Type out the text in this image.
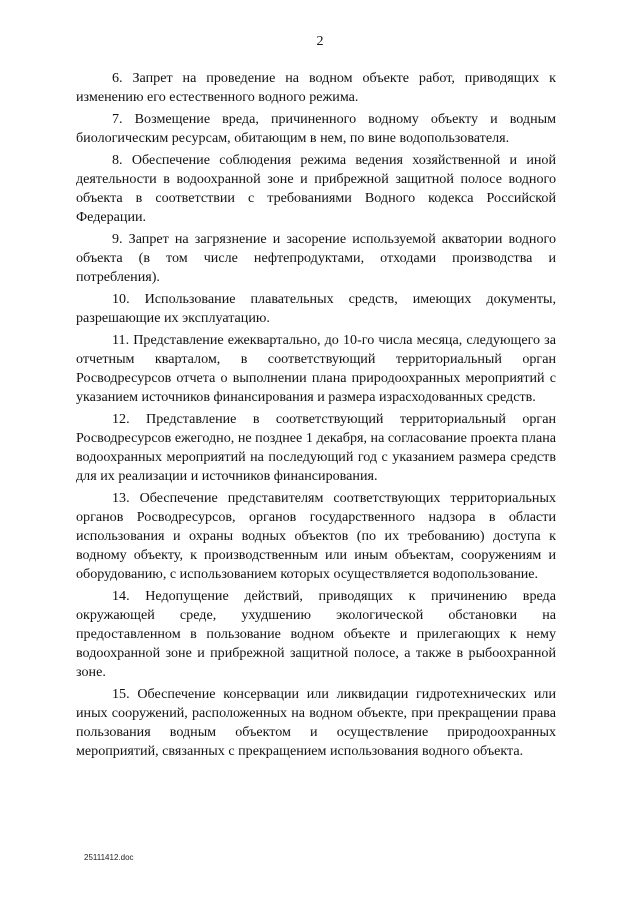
2

6. Запрет на проведение на водном объекте работ, приводящих к изменению его естественного водного режима.

7. Возмещение вреда, причиненного водному объекту и водным биологическим ресурсам, обитающим в нем, по вине водопользователя.

8. Обеспечение соблюдения режима ведения хозяйственной и иной деятельности в водоохранной зоне и прибрежной защитной полосе водного объекта в соответствии с требованиями Водного кодекса Российской Федерации.

9. Запрет на загрязнение и засорение используемой акватории водного объекта (в том числе нефтепродуктами, отходами производства и потребления).

10. Использование плавательных средств, имеющих документы, разрешающие их эксплуатацию.

11. Представление ежеквартально, до 10-го числа месяца, следующего за отчетным кварталом, в соответствующий территориальный орган Росводресурсов отчета о выполнении плана природоохранных мероприятий с указанием источников финансирования и размера израсходованных средств.

12. Представление в соответствующий территориальный орган Росводресурсов ежегодно, не позднее 1 декабря, на согласование проекта плана водоохранных мероприятий на последующий год с указанием размера средств для их реализации и источников финансирования.

13. Обеспечение представителям соответствующих территориальных органов Росводресурсов, органов государственного надзора в области использования и охраны водных объектов (по их требованию) доступа к водному объекту, к производственным или иным объектам, сооружениям и оборудованию, с использованием которых осуществляется водопользование.

14. Недопущение действий, приводящих к причинению вреда окружающей среде, ухудшению экологической обстановки на предоставленном в пользование водном объекте и прилегающих к нему водоохранной зоне и прибрежной защитной полосе, а также в рыбоохранной зоне.

15. Обеспечение консервации или ликвидации гидротехнических или иных сооружений, расположенных на водном объекте, при прекращении права пользования водным объектом и осуществление природоохранных мероприятий, связанных с прекращением использования водного объекта.

25111412.doc
